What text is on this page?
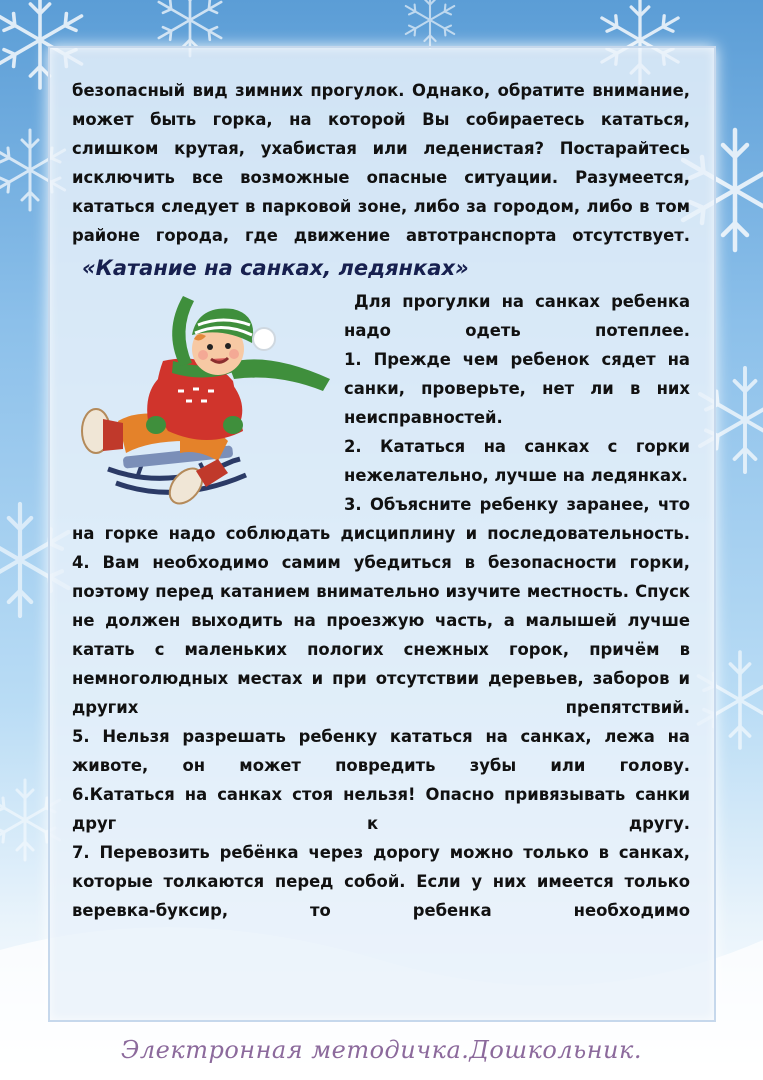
безопасный вид зимних прогулок. Однако, обратите внимание, может быть горка, на которой Вы собираетесь кататься, слишком крутая, ухабистая или леденистая? Постарайтесь исключить все возможные опасные ситуации. Разумеется, кататься следует в парковой зоне, либо за городом, либо в том районе города, где движение автотранспорта отсутствует.

«Катание на санках, ледянках»

Для прогулки на санках ребенка надо одеть потеплее.

1. Прежде чем ребенок сядет на санки, проверьте, нет ли в них неисправностей.

2. Кататься на санках с горки нежелательно, лучше на ледянках.

3. Объясните ребенку заранее, что на горке надо соблюдать дисциплину и последовательность.

4. Вам необходимо самим убедиться в безопасности горки, поэтому перед катанием внимательно изучите местность. Спуск не должен выходить на проезжую часть, а малышей лучше катать с маленьких пологих снежных горок, причём в немноголюдных местах и при отсутствии деревьев, заборов и других препятствий.

5. Нельзя разрешать ребенку кататься на санках, лежа на животе, он может повредить зубы или голову.

6.Кататься на санках стоя нельзя! Опасно привязывать санки друг к другу.

7. Перевозить ребёнка через дорогу можно только в санках, которые толкаются перед собой. Если у них имеется только веревка-буксир, то ребенка необходимо

Электронная методичка.Дошкольник.
